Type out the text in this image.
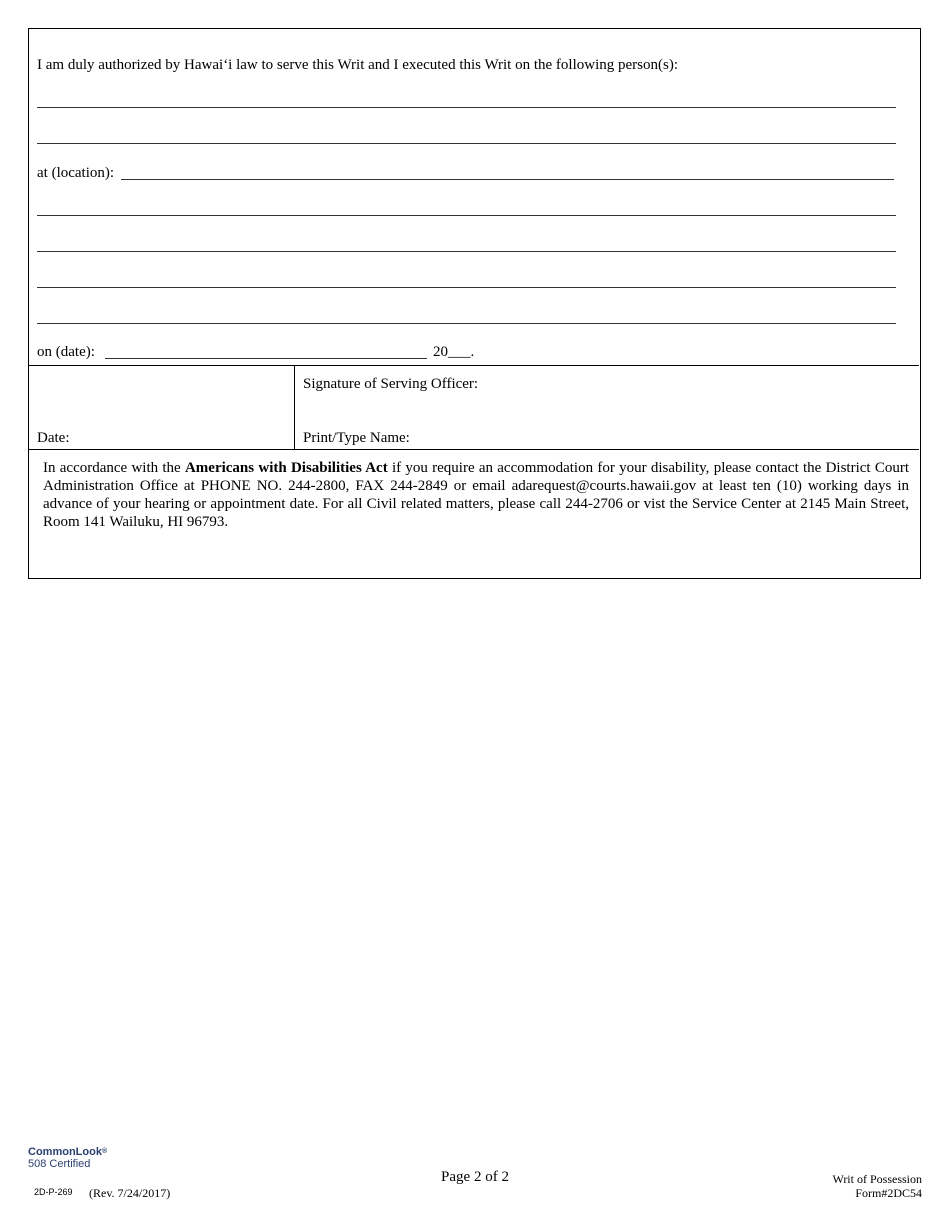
I am duly authorized by Hawai‘i law to serve this Writ and I executed this Writ on the following person(s):
at (location):
on (date):	20___.
Signature of Serving Officer:
Date:	Print/Type Name:
In accordance with the Americans with Disabilities Act if you require an accommodation for your disability, please contact the District Court Administration Office at PHONE NO. 244-2800, FAX 244-2849 or email adarequest@courts.hawaii.gov at least ten (10) working days in advance of your hearing or appointment date. For all Civil related matters, please call 244-2706 or vist the Service Center at 2145 Main Street, Room 141 Wailuku, HI 96793.
CommonLook®
508 Certified
2D-P-269 (Rev. 7/24/2017)
Page 2 of 2	Writ of Possession
Form#2DC54
